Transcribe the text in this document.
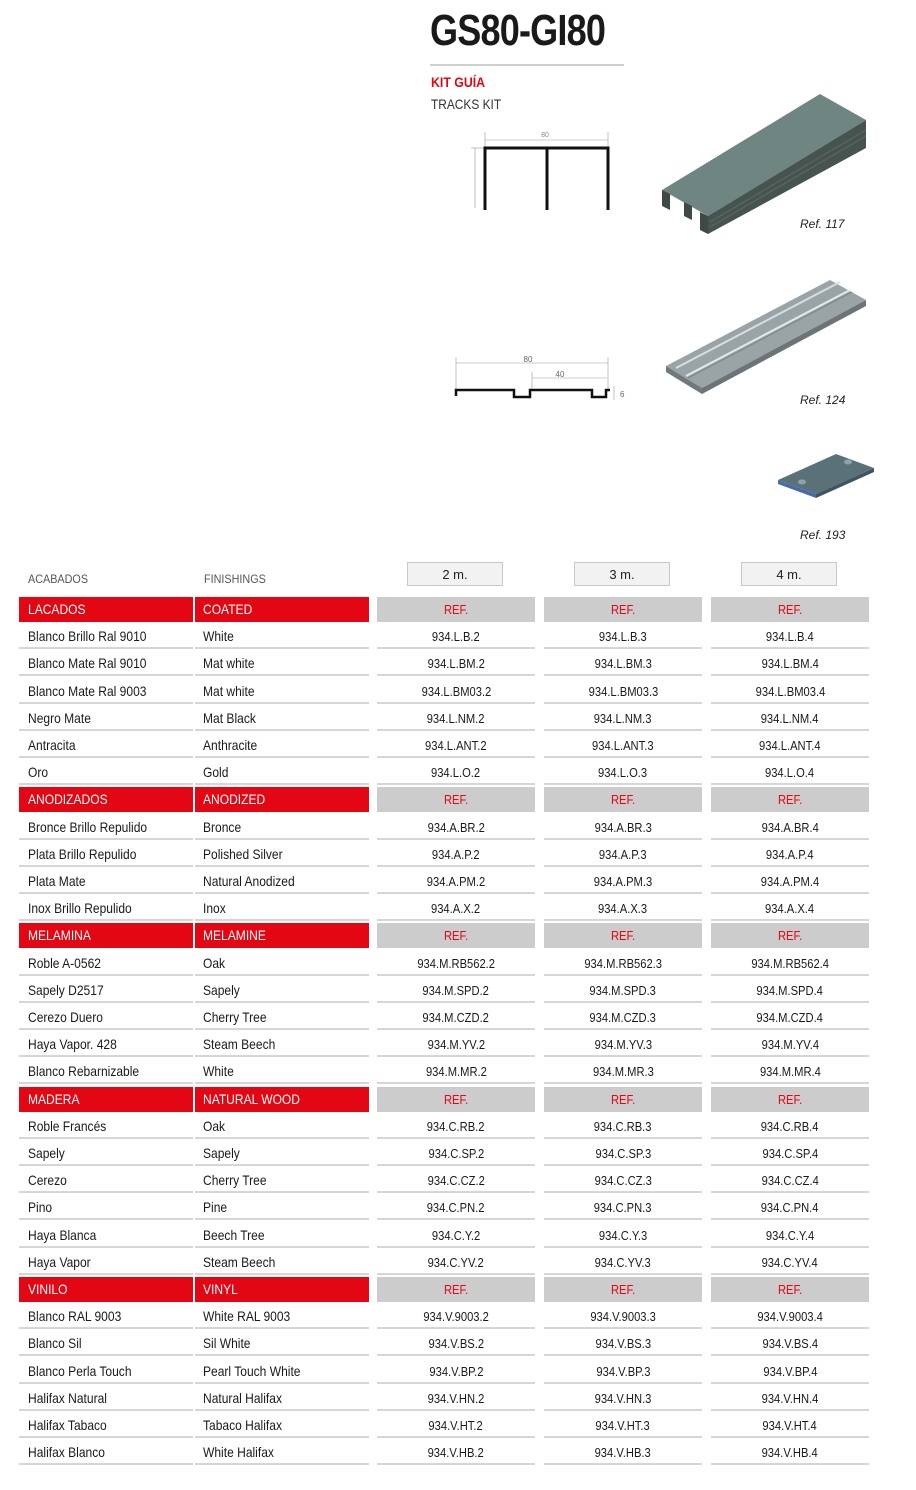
GS80-GI80
KIT GUÍA
TRACKS KIT
80
80
40
6
Ref. 117
Ref. 124
Ref. 193
ACABADOS	FINISHINGS	2 m.	3 m.	4 m.
LACADOS	COATED	REF.	REF.	REF.
Blanco Brillo Ral 9010	White	934.L.B.2	934.L.B.3	934.L.B.4
Blanco Mate Ral 9010	Mat white	934.L.BM.2	934.L.BM.3	934.L.BM.4
Blanco Mate Ral 9003	Mat white	934.L.BM03.2	934.L.BM03.3	934.L.BM03.4
Negro Mate	Mat Black	934.L.NM.2	934.L.NM.3	934.L.NM.4
Antracita	Anthracite	934.L.ANT.2	934.L.ANT.3	934.L.ANT.4
Oro	Gold	934.L.O.2	934.L.O.3	934.L.O.4
ANODIZADOS	ANODIZED	REF.	REF.	REF.
Bronce Brillo Repulido	Bronce	934.A.BR.2	934.A.BR.3	934.A.BR.4
Plata Brillo Repulido	Polished Silver	934.A.P.2	934.A.P.3	934.A.P.4
Plata Mate	Natural Anodized	934.A.PM.2	934.A.PM.3	934.A.PM.4
Inox Brillo Repulido	Inox	934.A.X.2	934.A.X.3	934.A.X.4
MELAMINA	MELAMINE	REF.	REF.	REF.
Roble A-0562	Oak	934.M.RB562.2	934.M.RB562.3	934.M.RB562.4
Sapely D2517	Sapely	934.M.SPD.2	934.M.SPD.3	934.M.SPD.4
Cerezo Duero	Cherry Tree	934.M.CZD.2	934.M.CZD.3	934.M.CZD.4
Haya Vapor. 428	Steam Beech	934.M.YV.2	934.M.YV.3	934.M.YV.4
Blanco Rebarnizable	White	934.M.MR.2	934.M.MR.3	934.M.MR.4
MADERA	NATURAL WOOD	REF.	REF.	REF.
Roble Francés	Oak	934.C.RB.2	934.C.RB.3	934.C.RB.4
Sapely	Sapely	934.C.SP.2	934.C.SP.3	934.C.SP.4
Cerezo	Cherry Tree	934.C.CZ.2	934.C.CZ.3	934.C.CZ.4
Pino	Pine	934.C.PN.2	934.C.PN.3	934.C.PN.4
Haya Blanca	Beech Tree	934.C.Y.2	934.C.Y.3	934.C.Y.4
Haya Vapor	Steam Beech	934.C.YV.2	934.C.YV.3	934.C.YV.4
VINILO	VINYL	REF.	REF.	REF.
Blanco RAL 9003	White RAL 9003	934.V.9003.2	934.V.9003.3	934.V.9003.4
Blanco Sil	Sil White	934.V.BS.2	934.V.BS.3	934.V.BS.4
Blanco Perla Touch	Pearl Touch White	934.V.BP.2	934.V.BP.3	934.V.BP.4
Halifax Natural	Natural Halifax	934.V.HN.2	934.V.HN.3	934.V.HN.4
Halifax Tabaco	Tabaco Halifax	934.V.HT.2	934.V.HT.3	934.V.HT.4
Halifax Blanco	White Halifax	934.V.HB.2	934.V.HB.3	934.V.HB.4
